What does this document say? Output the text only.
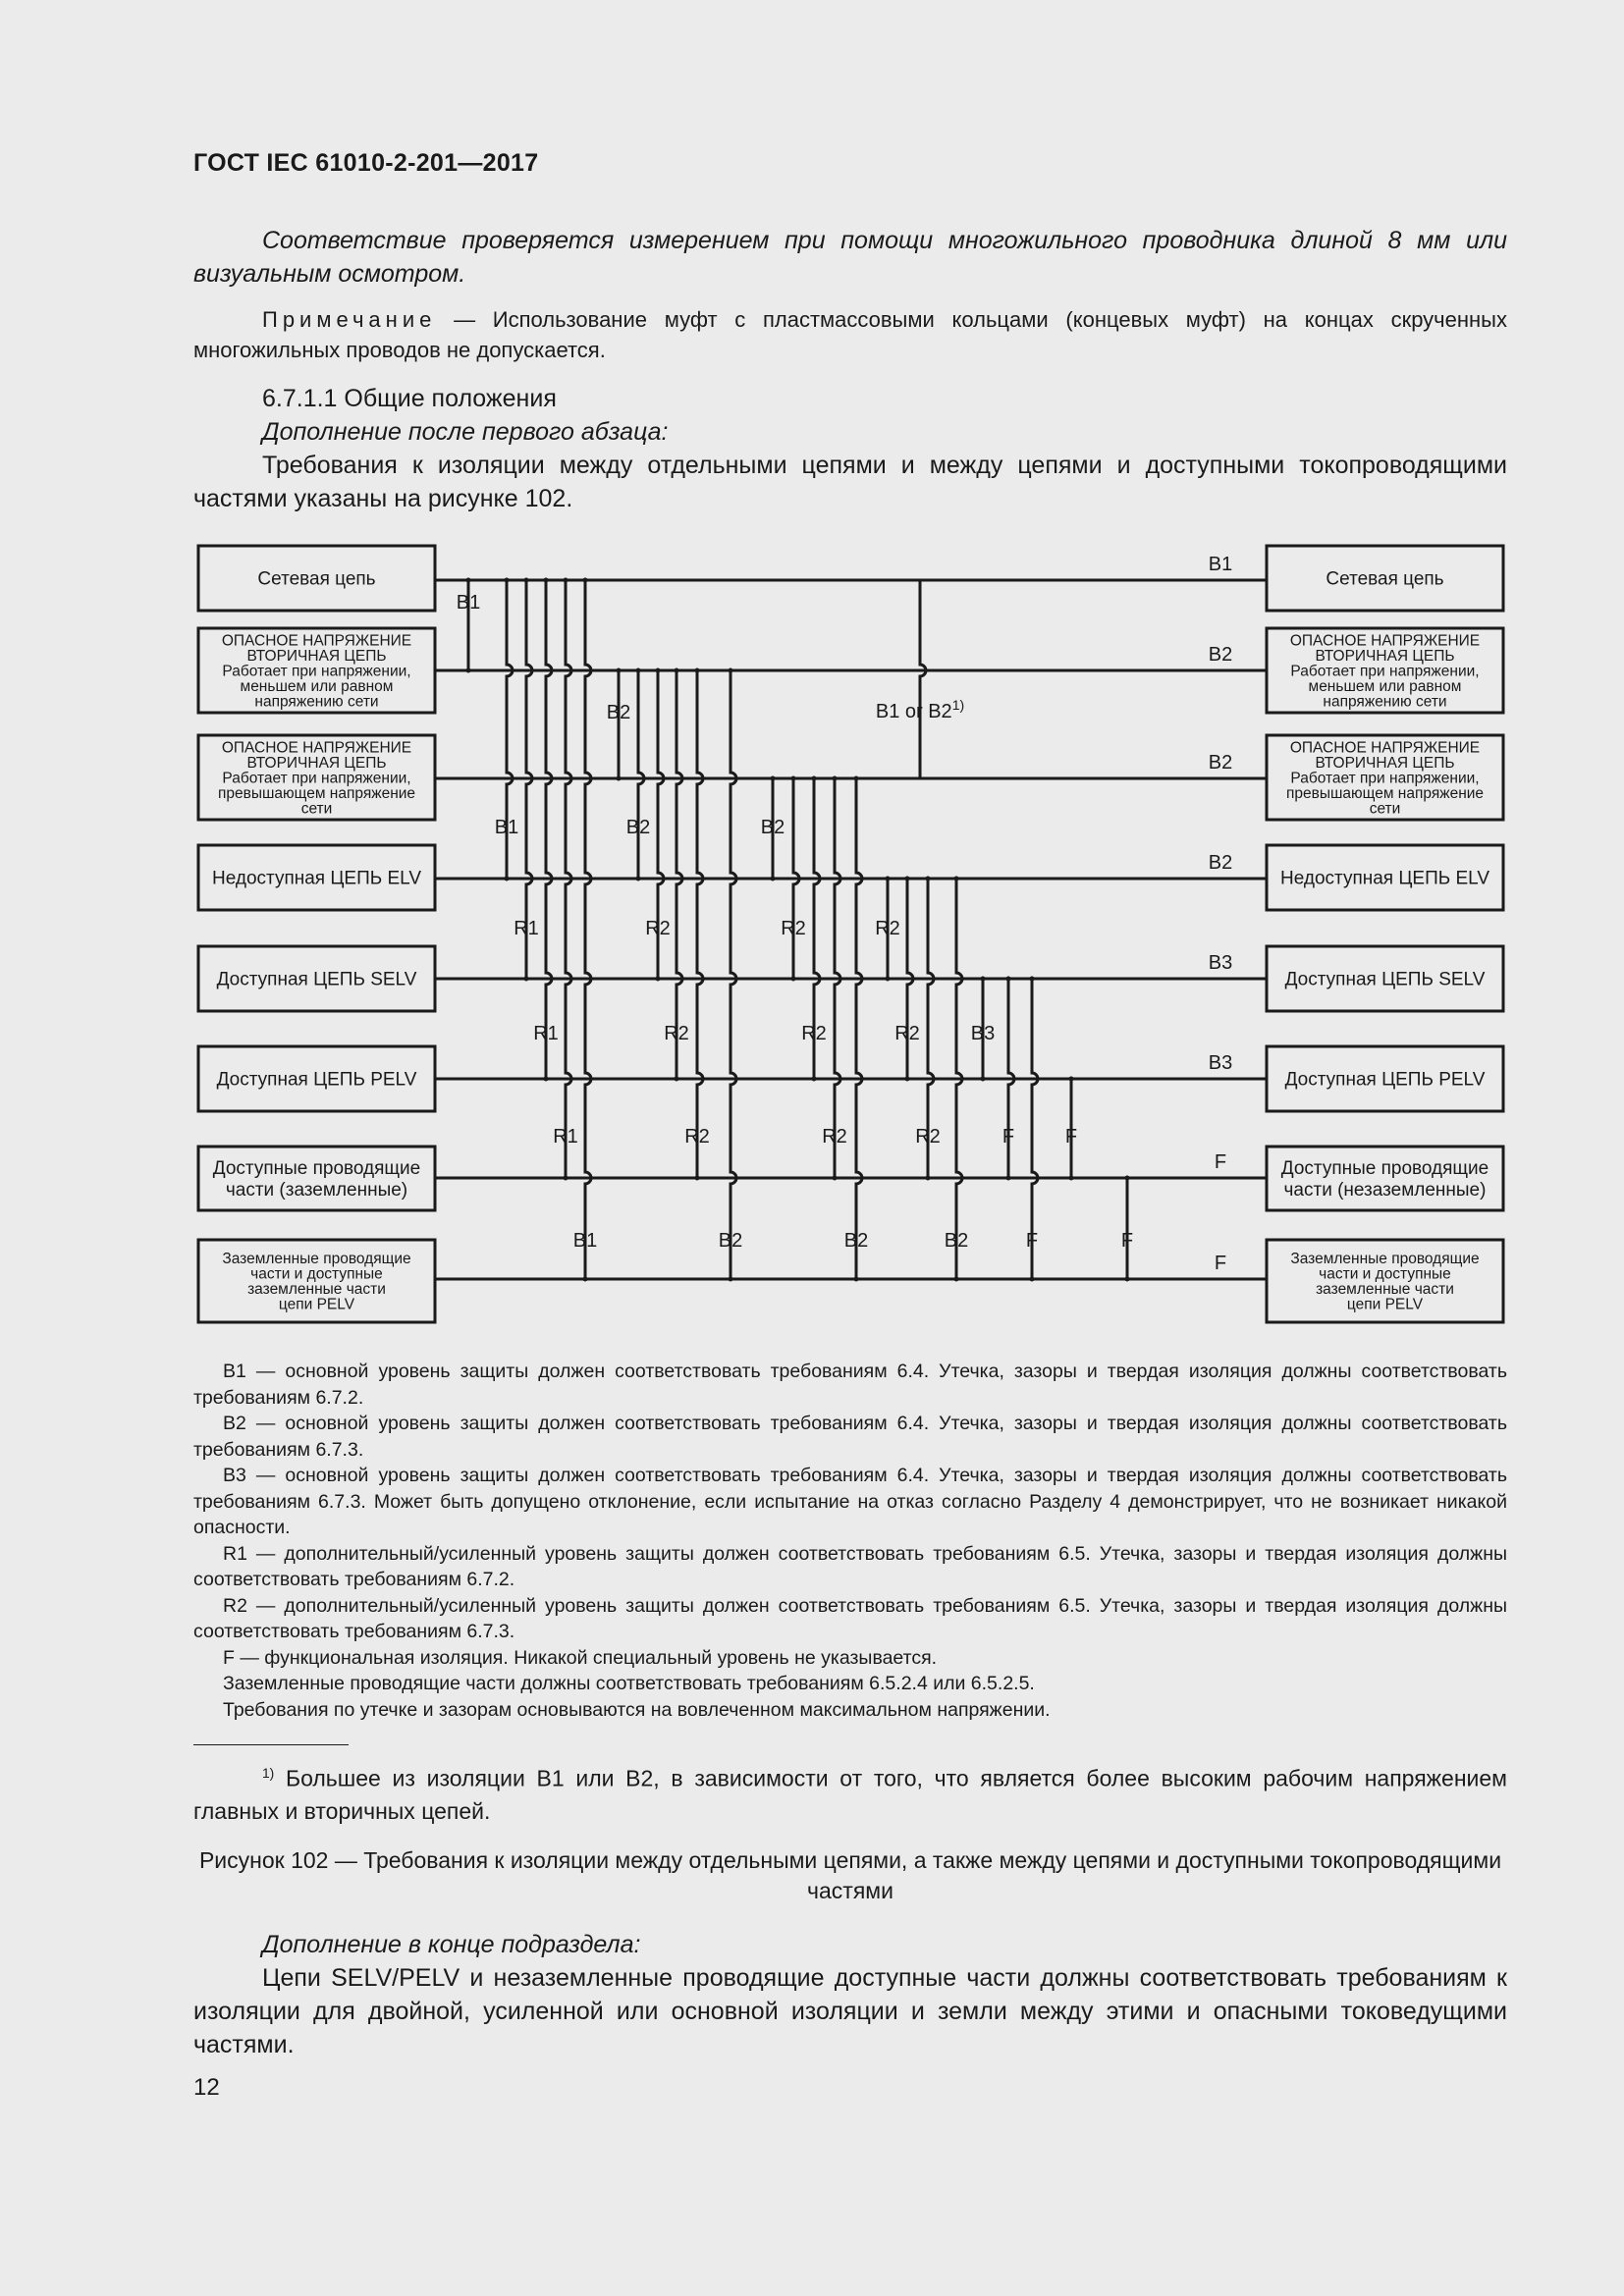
ГОСТ IEC 61010-2-201—2017
Соответствие проверяется измерением при помощи многожильного проводника длиной 8 мм или визуальным осмотром.
Примечание — Использование муфт с пластмассовыми кольцами (концевых муфт) на концах скрученных многожильных проводов не допускается.
6.7.1.1 Общие положения
Дополнение после первого абзаца:
Требования к изоляции между отдельными цепями и между цепями и доступными токопроводящими частями указаны на рисунке 102.
Сетевая цепь	Сетевая цепь
B1
ОПАСНОЕ НАПРЯЖЕНИЕ
ВТОРИЧНАЯ ЦЕПЬ
Работает при напряжении,
меньшем или равном
напряжению сети
ОПАСНОЕ НАПРЯЖЕНИЕ
ВТОРИЧНАЯ ЦЕПЬ
Работает при напряжении,
меньшем или равном
напряжению сети
B2
ОПАСНОЕ НАПРЯЖЕНИЕ
ВТОРИЧНАЯ ЦЕПЬ
Работает при напряжении,
превышающем напряжение
сети
ОПАСНОЕ НАПРЯЖЕНИЕ
ВТОРИЧНАЯ ЦЕПЬ
Работает при напряжении,
превышающем напряжение
сети
B2
Недоступная ЦЕПЬ ELV	Недоступная ЦЕПЬ ELV
B2
Доступная ЦЕПЬ SELV	Доступная ЦЕПЬ SELV
B3
Доступная ЦЕПЬ PELV	Доступная ЦЕПЬ PELV
B3
Доступные проводящие
части (заземленные)
Доступные проводящие
части (незаземленные)
F
Заземленные проводящие
части и доступные
заземленные части
цепи PELV
Заземленные проводящие
части и доступные
заземленные части
цепи PELV
F
B1
B1
R1
R1
R1
B1
B2
B2
R2
R2
R2
B2
B2
R2
R2
R2
B2
R2
R2
R2
B2
B3
F
F
F
F
B1 or B2$^{1)}$

B1 — основной уровень защиты должен соответствовать требованиям 6.4. Утечка, зазоры и твердая изоляция должны соответствовать требованиям 6.7.2.

B2 — основной уровень защиты должен соответствовать требованиям 6.4. Утечка, зазоры и твердая изоляция должны соответствовать требованиям 6.7.3.

B3 — основной уровень защиты должен соответствовать требованиям 6.4. Утечка, зазоры и твердая изоляция должны соответствовать требованиям 6.7.3. Может быть допущено отклонение, если испытание на отказ согласно Разделу 4 демонстрирует, что не возникает никакой опасности.

R1 — дополнительный/усиленный уровень защиты должен соответствовать требованиям 6.5. Утечка, зазоры и твердая изоляция должны соответствовать требованиям 6.7.2.

R2 — дополнительный/усиленный уровень защиты должен соответствовать требованиям 6.5. Утечка, зазоры и твердая изоляция должны соответствовать требованиям 6.7.3.

F — функциональная изоляция. Никакой специальный уровень не указывается.

Заземленные проводящие части должны соответствовать требованиям 6.5.2.4 или 6.5.2.5.

Требования по утечке и зазорам основываются на вовлеченном максимальном напряжении.

$^{1)}$ Большее из изоляции B1 или B2, в зависимости от того, что является более высоким рабочим напряжением главных и вторичных цепей.
Рисунок 102 — Требования к изоляции между отдельными цепями, а также между цепями и доступными токопроводящими частями
Дополнение в конце подраздела:
Цепи SELV/PELV и незаземленные проводящие доступные части должны соответствовать требованиям к изоляции для двойной, усиленной или основной изоляции и земли между этими и опасными токоведущими частями.
12
